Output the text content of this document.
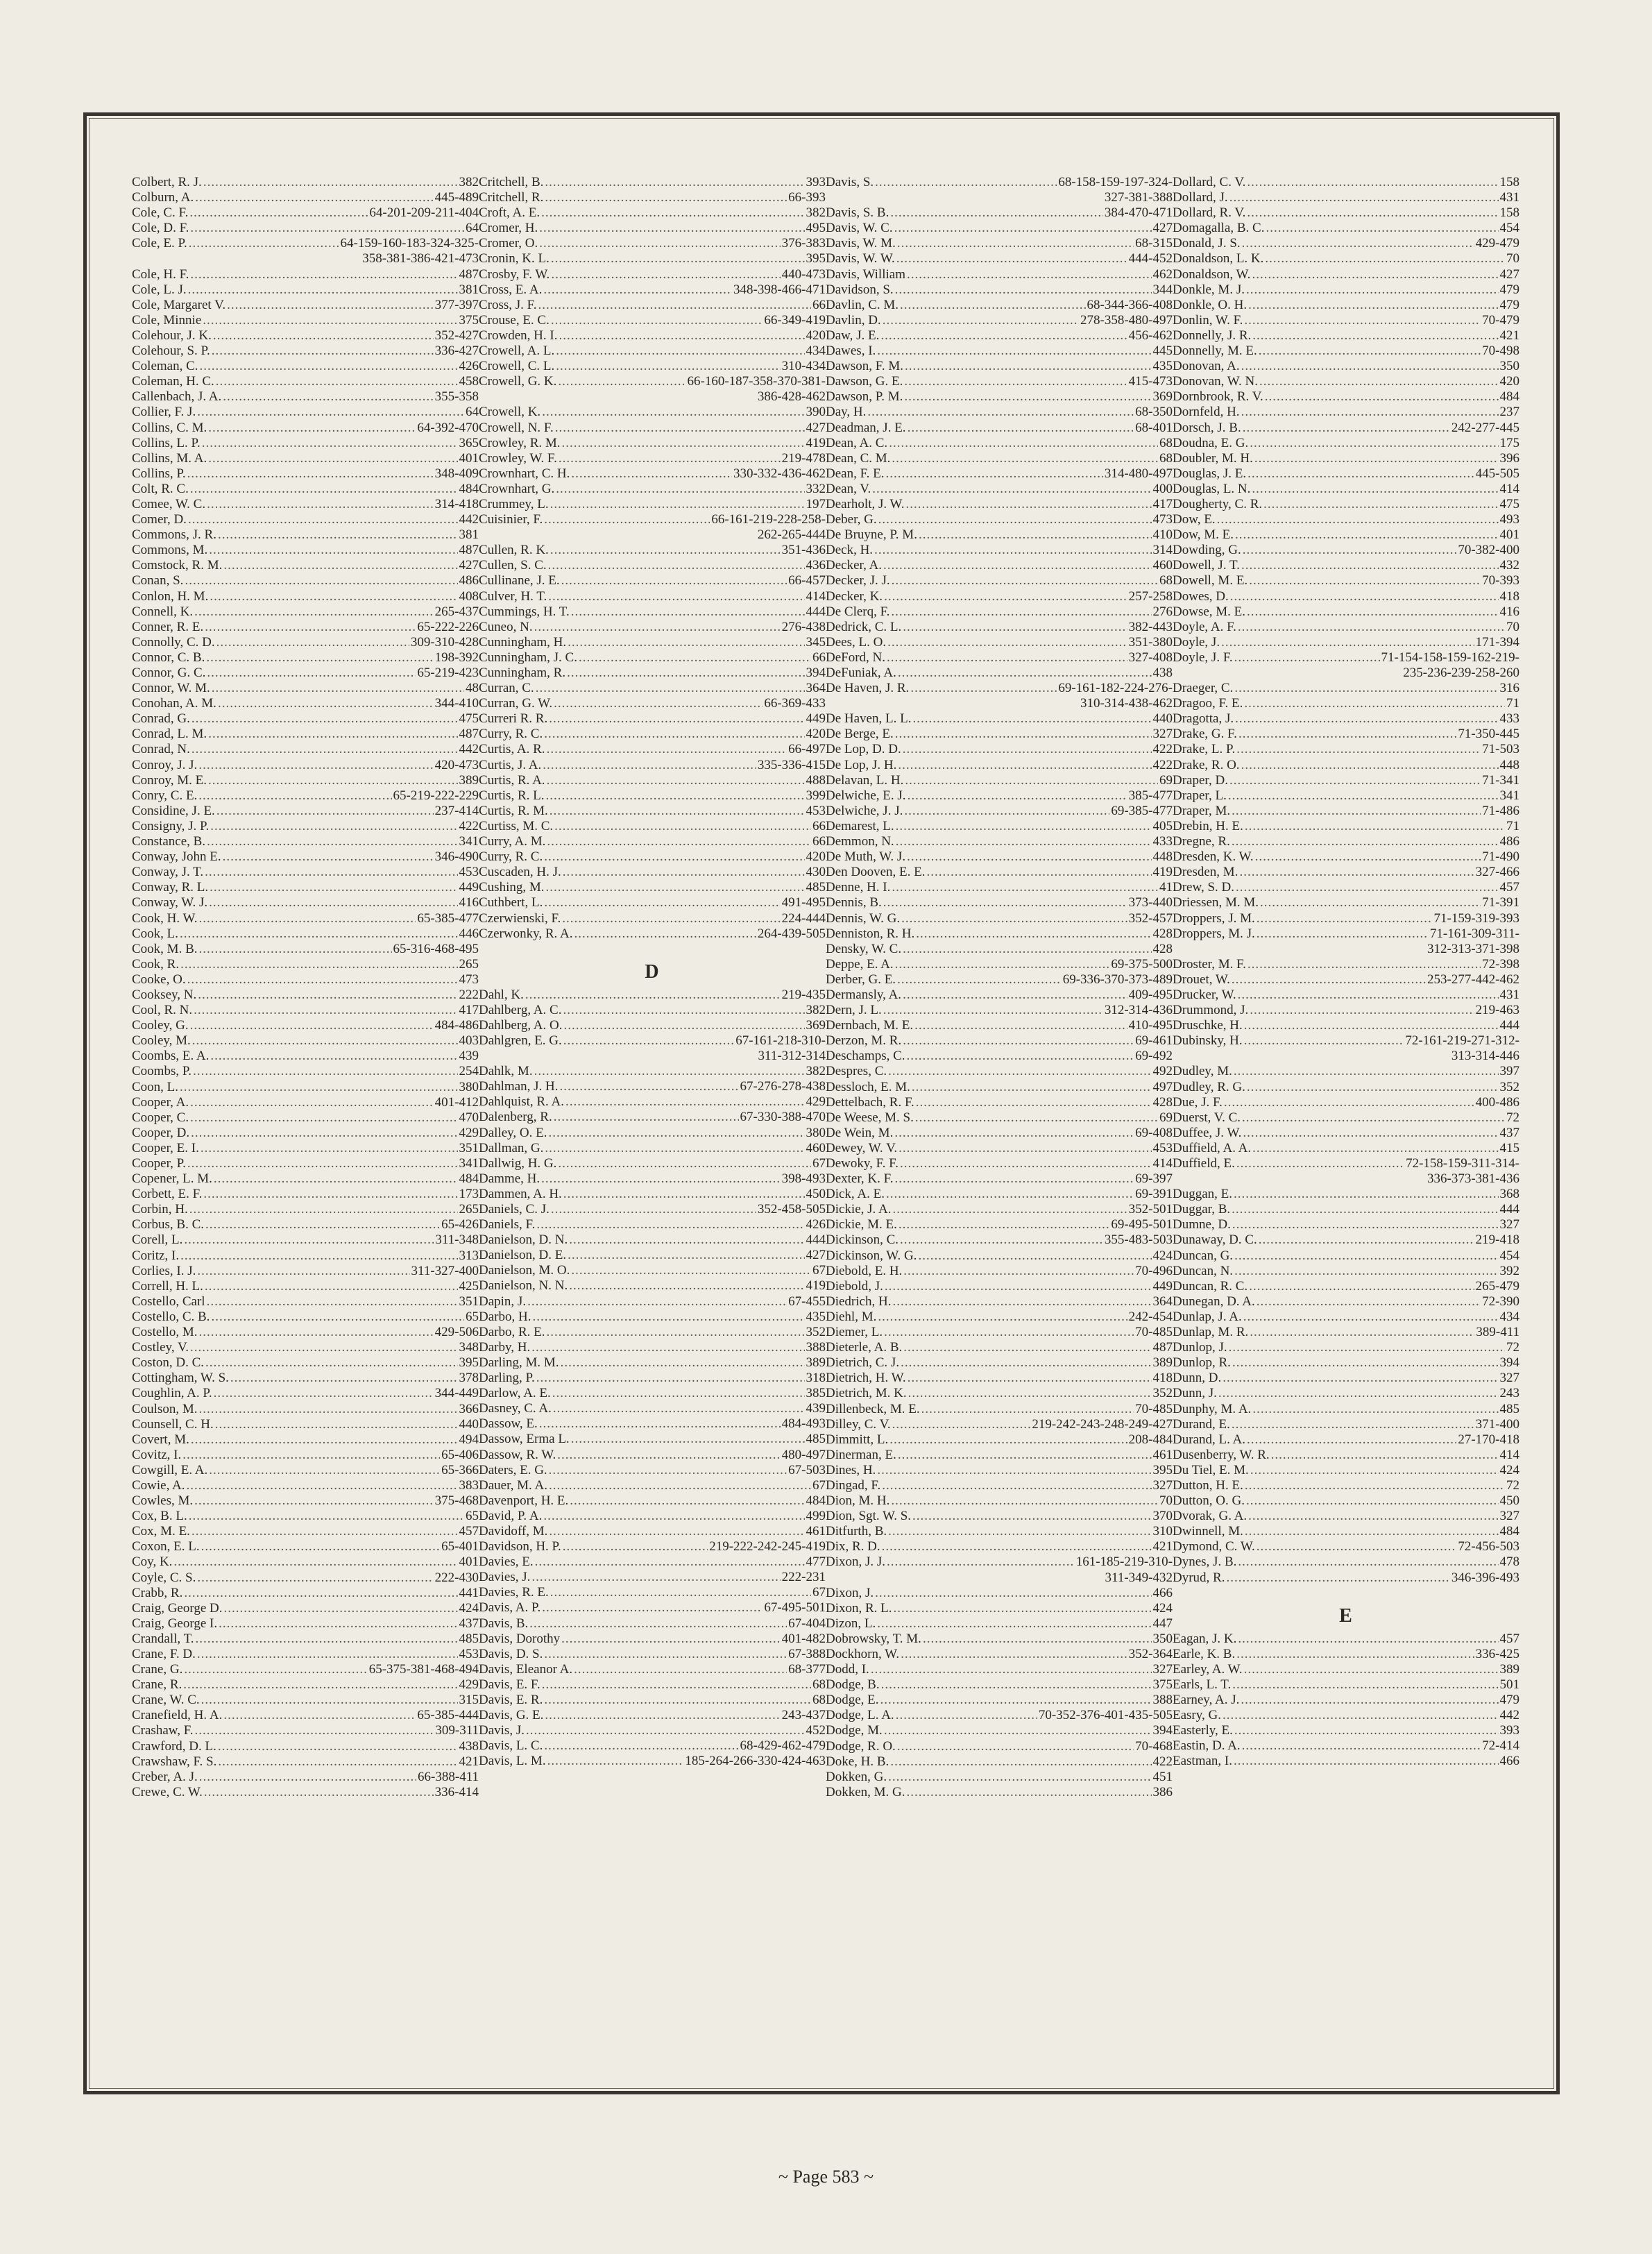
Colbert, R. J. .....	382
Colburn, A. .....	445-489
Cole, C. F. .....	64-201-209-211-404
Cole, D. F. .....	64
Cole, E. P. .....	64-159-160-183-324-325-
358-381-386-421-473
Cole, H. F. .....	487
Cole, L. J. .....	381
Cole, Margaret V. .....	377-397
Cole, Minnie .....	375
Colehour, J. K. .....	352-427
Colehour, S. P. .....	336-427
Coleman, C. .....	426
Coleman, H. C. .....	458
Callenbach, J. A. .....	355-358
Collier, F. J. .....	64
Collins, C. M. .....	64-392-470
Collins, L. P. .....	365
Collins, M. A. .....	401
Collins, P. .....	348-409
Colt, R. C. .....	484
Comee, W. C. .....	314-418
Comer, D. .....	442
Commons, J. R. .....	381
Commons, M. .....	487
Comstock, R. M. .....	427
Conan, S. .....	486
Conlon, H. M. .....	408
Connell, K. .....	265-437
Conner, R. E. .....	65-222-226
Connolly, C. D. .....	309-310-428
Connor, C. B. .....	198-392
Connor, G. C. .....	65-219-423
Connor, W. M. .....	48
Conohan, A. M. .....	344-410
Conrad, G. .....	475
Conrad, L. M. .....	487
Conrad, N. .....	442
Conroy, J. J. .....	420-473
Conroy, M. E. .....	389
Conry, C. E. .....	65-219-222-229
Considine, J. E. .....	237-414
Consigny, J. P. .....	422
Constance, B. .....	341
Conway, John E. .....	346-490
Conway, J. T. .....	453
Conway, R. L. .....	449
Conway, W. J. .....	416
Cook, H. W. .....	65-385-477
Cook, L. .....	446
Cook, M. B. .....	65-316-468-495
Cook, R. .....	265
Cooke, O. .....	473
Cooksey, N. .....	222
Cool, R. N. .....	417
Cooley, G. .....	484-486
Cooley, M. .....	403
Coombs, E. A. .....	439
Coombs, P. .....	254
Coon, L. .....	380
Cooper, A. .....	401-412
Cooper, C. .....	470
Cooper, D. .....	429
Cooper, E. I. .....	351
Cooper, P. .....	341
Copener, L. M. .....	484
Corbett, E. F. .....	173
Corbin, H. .....	265
Corbus, B. C. .....	65-426
Corell, L. .....	311-348
Coritz, I. .....	313
Corlies, I. J. .....	311-327-400
Correll, H. L. .....	425
Costello, Carl .....	351
Costello, C. B. .....	65
Costello, M. .....	429-506
Costley, V. .....	348
Coston, D. C. .....	395
Cottingham, W. S. .....	378
Coughlin, A. P. .....	344-449
Coulson, M. .....	366
Counsell, C. H. .....	440
Covert, M. .....	494
Covitz, I. .....	65-406
Cowgill, E. A. .....	65-366
Cowie, A. .....	383
Cowles, M. .....	375-468
Cox, B. L. .....	65
Cox, M. E. .....	457
Coxon, E. L. .....	65-401
Coy, K. .....	401
Coyle, C. S. .....	222-430
Crabb, R. .....	441
Craig, George D. .....	424
Craig, George I. .....	437
Crandall, T. .....	485
Crane, F. D. .....	453
Crane, G. .....	65-375-381-468-494
Crane, R. .....	429
Crane, W. C. .....	315
Cranefield, H. A. .....	65-385-444
Crashaw, F. .....	309-311
Crawford, D. L. .....	438
Crawshaw, F. S. .....	421
Creber, A. J. .....	66-388-411
Crewe, C. W. .....	336-414
Critchell, B. .....	393
Critchell, R. .....	66-393
Croft, A. E. .....	382
Cromer, H. .....	495
Cromer, O. .....	376-383
Cronin, K. L. .....	395
Crosby, F. W. .....	440-473
Cross, E. A. .....	348-398-466-471
Cross, J. F. .....	66
Crouse, E. C. .....	66-349-419
Crowden, H. I. .....	420
Crowell, A. L. .....	434
Crowell, C. L. .....	310-434
Crowell, G. K. .....	66-160-187-358-370-381-
386-428-462
Crowell, K. .....	390
Crowell, N. F. .....	427
Crowley, R. M. .....	419
Crowley, W. F. .....	219-478
Crownhart, C. H. .....	330-332-436-462
Crownhart, G. .....	332
Crummey, L. .....	197
Cuisinier, F. .....	66-161-219-228-258-
262-265-444
Cullen, R. K. .....	351-436
Cullen, S. C. .....	436
Cullinane, J. E. .....	66-457
Culver, H. T. .....	414
Cummings, H. T. .....	444
Cuneo, N. .....	276-438
Cunningham, H. .....	345
Cunningham, J. C. .....	66
Cunningham, R. .....	394
Curran, C. .....	364
Curran, G. W. .....	66-369-433
Curreri R. R. .....	449
Curry, R. C. .....	420
Curtis, A. R. .....	66-497
Curtis, J. A. .....	335-336-415
Curtis, R. A. .....	488
Curtis, R. L. .....	399
Curtis, R. M. .....	453
Curtiss, M. C. .....	66
Curry, A. M. .....	66
Curry, R. C. .....	420
Cuscaden, H. J. .....	430
Cushing, M. .....	485
Cuthbert, L. .....	491-495
Czerwienski, F. .....	224-444
Czerwonky, R. A. .....	264-439-505
D
Dahl, K. .....	219-435
Dahlberg, A. C. .....	382
Dahlberg, A. O. .....	369
Dahlgren, E. G. .....	67-161-218-310-
311-312-314
Dahlk, M. .....	382
Dahlman, J. H. .....	67-276-278-438
Dahlquist, R. A. .....	429
Dalenberg, R. .....	67-330-388-470
Dalley, O. E. .....	380
Dallman, G. .....	460
Dallwig, H. G. .....	67
Damme, H. .....	398-493
Dammen, A. H. .....	450
Daniels, C. J. .....	352-458-505
Daniels, F. .....	426
Danielson, D. N. .....	444
Danielson, D. E. .....	427
Danielson, M. O. .....	67
Danielson, N. N. .....	419
Dapin, J. .....	67-455
Darbo, H. .....	435
Darbo, R. E. .....	352
Darby, H. .....	388
Darling, M. M. .....	389
Darling, P. .....	318
Darlow, A. E. .....	385
Dasney, C. A. .....	439
Dassow, E. .....	484-493
Dassow, Erma L. .....	485
Dassow, R. W. .....	480-497
Daters, E. G. .....	67-503
Dauer, M. A. .....	67
Davenport, H. E. .....	484
David, P. A. .....	499
Davidoff, M. .....	461
Davidson, H. P. .....	219-222-242-245-419
Davies, E. .....	477
Davies, J. .....	222-231
Davies, R. E. .....	67
Davis, A. P. .....	67-495-501
Davis, B. .....	67-404
Davis, Dorothy .....	401-482
Davis, D. S. .....	67-388
Davis, Eleanor A. .....	68-377
Davis, E. F. .....	68
Davis, E. R. .....	68
Davis, G. E. .....	243-437
Davis, J. .....	452
Davis, L. C. .....	68-429-462-479
Davis, L. M. .....	185-264-266-330-424-463
Davis, S. .....	68-158-159-197-324-
327-381-388
Davis, S. B. .....	384-470-471
Davis, W. C. .....	427
Davis, W. M. .....	68-315
Davis, W. W. .....	444-452
Davis, William .....	462
Davidson, S. .....	344
Davlin, C. M. .....	68-344-366-408
Davlin, D. .....	278-358-480-497
Daw, J. E. .....	456-462
Dawes, I. .....	445
Dawson, F. M. .....	435
Dawson, G. E. .....	415-473
Dawson, P. M. .....	369
Day, H. .....	68-350
Deadman, J. E. .....	68-401
Dean, A. C. .....	68
Dean, C. M. .....	68
Dean, F. E. .....	314-480-497
Dean, V. .....	400
Dearholt, J. W. .....	417
Deber, G. .....	473
De Bruyne, P. M. .....	410
Deck, H. .....	314
Decker, A. .....	460
Decker, J. J. .....	68
Decker, K. .....	257-258
De Clerq, F. .....	276
Dedrick, C. L. .....	382-443
Dees, L. O. .....	351-380
DeFord, N. .....	327-408
DeFuniak, A. .....	438
De Haven, J. R. .....	69-161-182-224-276-
310-314-438-462
De Haven, L. L. .....	440
De Berge, E. .....	327
De Lop, D. D. .....	422
De Lop, J. H. .....	422
Delavan, L. H. .....	69
Delwiche, E. J. .....	385-477
Delwiche, J. J. .....	69-385-477
Demarest, L. .....	405
Demmon, N. .....	433
De Muth, W. J. .....	448
Den Dooven, E. E. .....	419
Denne, H. I. .....	41
Dennis, B. .....	373-440
Dennis, W. G. .....	352-457
Denniston, R. H. .....	428
Densky, W. C. .....	428
Deppe, E. A. .....	69-375-500
Derber, G. E. .....	69-336-370-373-489
Dermansly, A. .....	409-495
Dern, J. L. .....	312-314-436
Dernbach, M. E. .....	410-495
Derzon, M. R. .....	69-461
Deschamps, C. .....	69-492
Despres, C. .....	492
Dessloch, E. M. .....	497
Dettelbach, R. F. .....	428
De Weese, M. S. .....	69
De Wein, M. .....	69-408
Dewey, W. V. .....	453
Dewoky, F. F. .....	414
Dexter, K. F. .....	69-397
Dick, A. E. .....	69-391
Dickie, J. A. .....	352-501
Dickie, M. E. .....	69-495-501
Dickinson, C. .....	355-483-503
Dickinson, W. G. .....	424
Diebold, E. H. .....	70-496
Diebold, J. .....	449
Diedrich, H. .....	364
Diehl, M. .....	242-454
Diemer, L. .....	70-485
Dieterle, A. B. .....	487
Dietrich, C. J. .....	389
Dietrich, H. W. .....	418
Dietrich, M. K. .....	352
Dillenbeck, M. E. .....	70-485
Dilley, C. V. .....	219-242-243-248-249-427
Dimmitt, L. .....	208-484
Dinerman, E. .....	461
Dines, H. .....	395
Dingad, F. .....	327
Dion, M. H. .....	70
Dion, Sgt. W. S. .....	370
Ditfurth, B. .....	310
Dix, R. D. .....	421
Dixon, J. J. .....	161-185-219-310-
311-349-432
Dixon, J. .....	466
Dixon, R. L. .....	424
Dizon, L. .....	447
Dobrowsky, T. M. .....	350
Dockhorn, W. .....	352-364
Dodd, I. .....	327
Dodge, B. .....	375
Dodge, E. .....	388
Dodge, L. A. .....	70-352-376-401-435-505
Dodge, M. .....	394
Dodge, R. O. .....	70-468
Doke, H. B. .....	422
Dokken, G. .....	451
Dokken, M. G. .....	386
Dollard, C. V. .....	158
Dollard, J. .....	431
Dollard, R. V. .....	158
Domagalla, B. C. .....	454
Donald, J. S. .....	429-479
Donaldson, L. K. .....	70
Donaldson, W. .....	427
Donkle, M. J. .....	479
Donkle, O. H. .....	479
Donlin, W. F. .....	70-479
Donnelly, J. R. .....	421
Donnelly, M. E. .....	70-498
Donovan, A. .....	350
Donovan, W. N. .....	420
Dornbrook, R. V. .....	484
Dornfeld, H. .....	237
Dorsch, J. B. .....	242-277-445
Doudna, E. G. .....	175
Doubler, M. H. .....	396
Douglas, J. E. .....	445-505
Douglas, L. N. .....	414
Dougherty, C. R. .....	475
Dow, E. .....	493
Dow, M. E. .....	401
Dowding, G. .....	70-382-400
Dowell, J. T. .....	432
Dowell, M. E. .....	70-393
Dowes, D. .....	418
Dowse, M. E. .....	416
Doyle, A. F. .....	70
Doyle, J. .....	171-394
Doyle, J. F. .....	71-154-158-159-162-219-
235-236-239-258-260
Draeger, C. .....	316
Dragoo, F. E. .....	71
Dragotta, J. .....	433
Drake, G. F. .....	71-350-445
Drake, L. P. .....	71-503
Drake, R. O. .....	448
Draper, D. .....	71-341
Draper, L. .....	341
Draper, M. .....	71-486
Drebin, H. E. .....	71
Dregne, R. .....	486
Dresden, K. W. .....	71-490
Dresden, M. .....	327-466
Drew, S. D. .....	457
Driessen, M. M. .....	71-391
Droppers, J. M. .....	71-159-319-393
Droppers, M. J. .....	71-161-309-311-
312-313-371-398
Droster, M. F. .....	72-398
Drouet, W. .....	253-277-442-462
Drucker, W. .....	431
Drummond, J. .....	219-463
Druschke, H. .....	444
Dubinsky, H. .....	72-161-219-271-312-
313-314-446
Dudley, M. .....	397
Dudley, R. G. .....	352
Due, J. F. .....	400-486
Duerst, V. C. .....	72
Duffee, J. W. .....	437
Duffield, A. A. .....	415
Duffield, E. .....	72-158-159-311-314-
336-373-381-436
Duggan, E. .....	368
Duggar, B. .....	444
Dumne, D. .....	327
Dunaway, D. C. .....	219-418
Duncan, G. .....	454
Duncan, N. .....	392
Duncan, R. C. .....	265-479
Dunegan, D. A. .....	72-390
Dunlap, J. A. .....	434
Dunlap, M. R. .....	389-411
Dunlop, J. .....	72
Dunlop, R. .....	394
Dunn, D. .....	327
Dunn, J. .....	243
Dunphy, M. A. .....	485
Durand, E. .....	371-400
Durand, L. A. .....	27-170-418
Dusenberry, W. R. .....	414
Du Tiel, E. M. .....	424
Dutton, H. E. .....	72
Dutton, O. G. .....	450
Dvorak, G. A. .....	327
Dwinnell, M. .....	484
Dymond, C. W. .....	72-456-503
Dynes, J. B. .....	478
Dyrud, R. .....	346-396-493
E
Eagan, J. K. .....	457
Earle, K. B. .....	336-425
Earley, A. W. .....	389
Earls, L. T. .....	501
Earney, A. J. .....	479
Easry, G. .....	442
Easterly, E. .....	393
Eastin, D. A. .....	72-414
Eastman, I. .....	466
~ Page 583 ~
